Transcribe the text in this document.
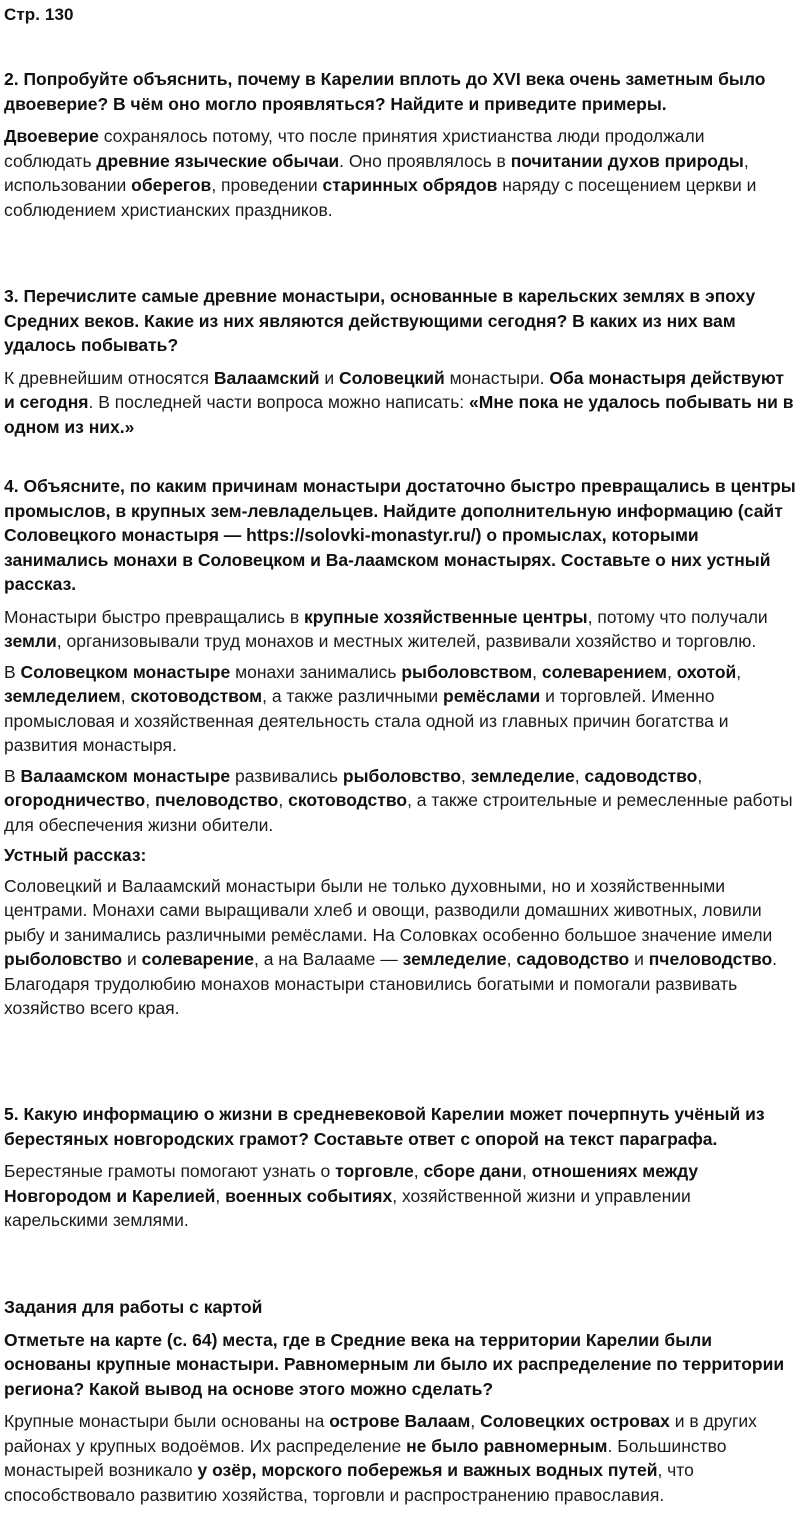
Стр. 130

2. Попробуйте объяснить, почему в Карелии вплоть до XVI века очень заметным было двоеверие? В чём оно могло проявляться? Найдите и приведите примеры.

Двоеверие сохранялось потому, что после принятия христианства люди продолжали соблюдать древние языческие обычаи. Оно проявлялось в почитании духов природы, использовании оберегов, проведении старинных обрядов наряду с посещением церкви и соблюдением христианских праздников.

3. Перечислите самые древние монастыри, основанные в карельских землях в эпоху Средних веков. Какие из них являются действующими сегодня? В каких из них вам удалось побывать?

К древнейшим относятся Валаамский и Соловецкий монастыри. Оба монастыря действуют и сегодня. В последней части вопроса можно написать: «Мне пока не удалось побывать ни в одном из них.»

4. Объясните, по каким причинам монастыри достаточно быстро превращались в центры промыслов, в крупных зем-левладельцев. Найдите дополнительную информацию (сайт Соловецкого монастыря — https://solovki-monastyr.ru/) о промыслах, которыми занимались монахи в Соловецком и Ва-лаамском монастырях. Составьте о них устный рассказ.

Монастыри быстро превращались в крупные хозяйственные центры, потому что получали земли, организовывали труд монахов и местных жителей, развивали хозяйство и торговлю.

В Соловецком монастыре монахи занимались рыболовством, солеварением, охотой, земледелием, скотоводством, а также различными ремёслами и торговлей. Именно промысловая и хозяйственная деятельность стала одной из главных причин богатства и развития монастыря.

В Валаамском монастыре развивались рыболовство, земледелие, садоводство, огородничество, пчеловодство, скотоводство, а также строительные и ремесленные работы для обеспечения жизни обители.

Устный рассказ:

Соловецкий и Валаамский монастыри были не только духовными, но и хозяйственными центрами. Монахи сами выращивали хлеб и овощи, разводили домашних животных, ловили рыбу и занимались различными ремёслами. На Соловках особенно большое значение имели рыболовство и солеварение, а на Валааме — земледелие, садоводство и пчеловодство. Благодаря трудолюбию монахов монастыри становились богатыми и помогали развивать хозяйство всего края.

5. Какую информацию о жизни в средневековой Карелии может почерпнуть учёный из берестяных новгородских грамот? Составьте ответ с опорой на текст параграфа.

Берестяные грамоты помогают узнать о торговле, сборе дани, отношениях между Новгородом и Карелией, военных событиях, хозяйственной жизни и управлении карельскими землями.

Задания для работы с картой

Отметьте на карте (с. 64) места, где в Средние века на территории Карелии были основаны крупные монастыри. Равномерным ли было их распределение по территории региона? Какой вывод на основе этого можно сделать?

Крупные монастыри были основаны на острове Валаам, Соловецких островах и в других районах у крупных водоёмов. Их распределение не было равномерным. Большинство монастырей возникало у озёр, морского побережья и важных водных путей, что способствовало развитию хозяйства, торговли и распространению православия.
